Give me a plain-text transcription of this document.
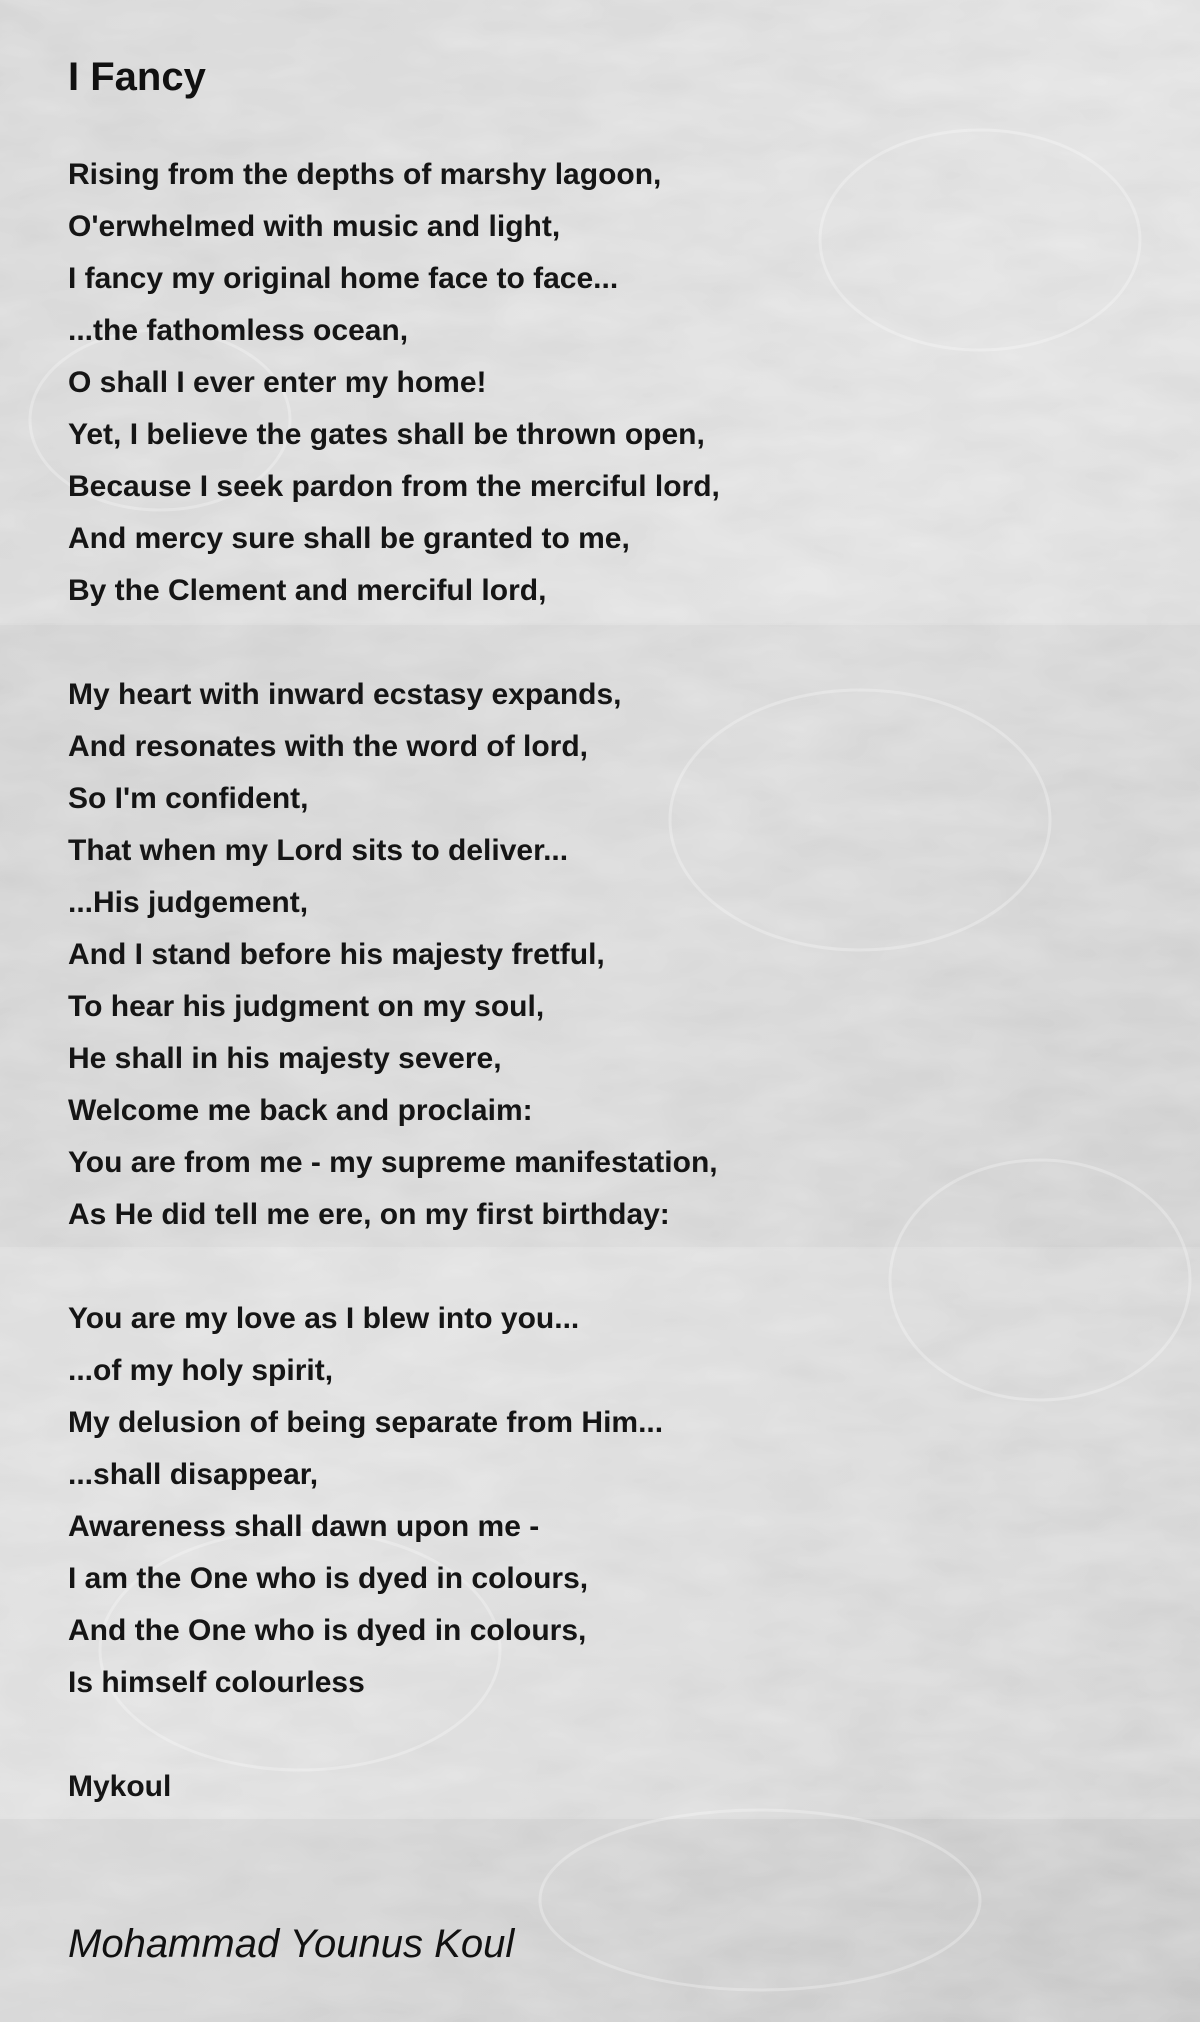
I Fancy
Rising from the depths of marshy lagoon,
O'erwhelmed with music and light,
I fancy my original home face to face...
...the fathomless ocean,
O shall I ever enter my home!
Yet, I believe the gates shall be thrown open,
Because I seek pardon from the merciful lord,
And mercy sure shall be granted to me,
By the Clement and merciful lord,
My heart with inward ecstasy expands,
And resonates with the word of lord,
So I'm confident,
That when my Lord sits to deliver...
...His judgement,
And I stand before his majesty fretful,
To hear his judgment on my soul,
He shall in his majesty severe,
Welcome me back and proclaim:
You are from me - my supreme manifestation,
As He did tell me ere, on my first birthday:
You are my love as I blew into you...
...of my holy spirit,
My delusion of being separate from Him...
...shall disappear,
Awareness shall dawn upon me -
I am the One who is dyed in colours,
And the One who is dyed in colours,
Is himself colourless
Mykoul

Mohammad Younus Koul
